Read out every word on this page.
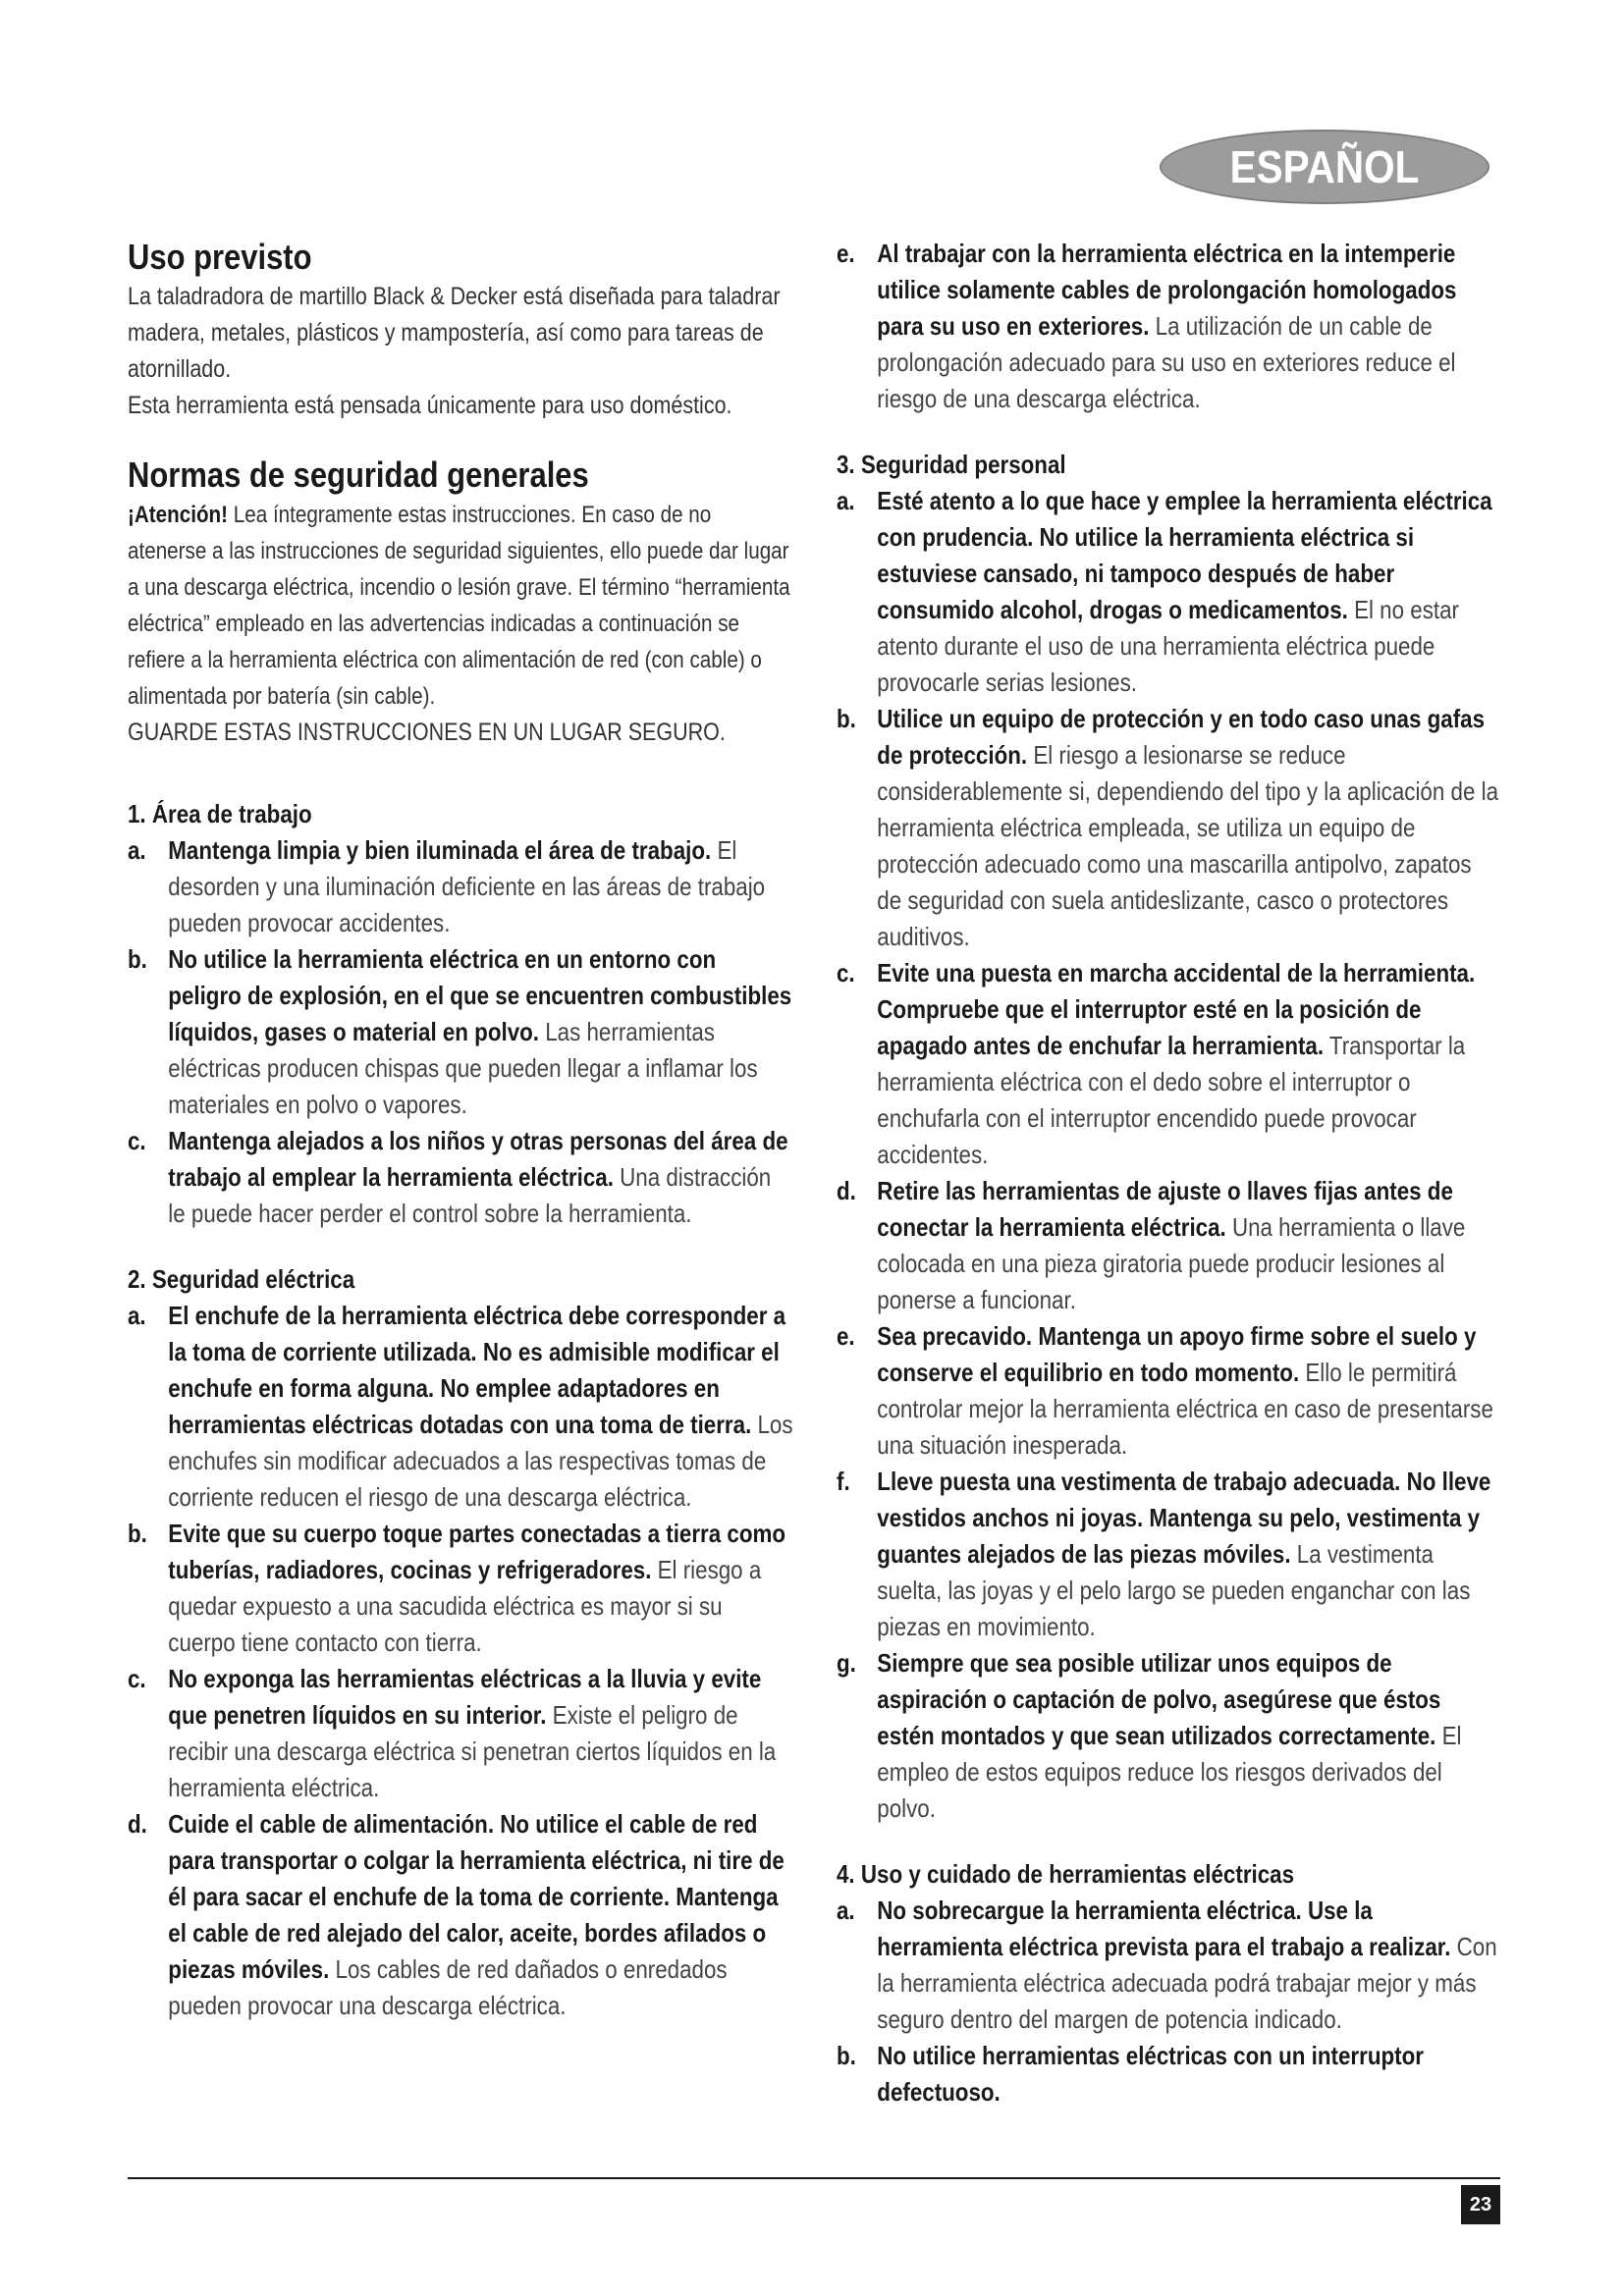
ESPAÑOL
Uso previsto

La taladradora de martillo Black & Decker está diseñada para taladrar madera, metales, plásticos y mampostería, así como para tareas de atornillado.

Esta herramienta está pensada únicamente para uso doméstico.

Normas de seguridad generales

¡Atención! Lea íntegramente estas instrucciones. En caso de no atenerse a las instrucciones de seguridad siguientes, ello puede dar lugar a una descarga eléctrica, incendio o lesión grave. El término “herramienta eléctrica” empleado en las advertencias indicadas a continuación se refiere a la herramienta eléctrica con alimentación de red (con cable) o alimentada por batería (sin cable).

GUARDE ESTAS INSTRUCCIONES EN UN LUGAR SEGURO.

1. Área de trabajo

a. Mantenga limpia y bien iluminada el área de trabajo. El desorden y una iluminación deficiente en las áreas de trabajo pueden provocar accidentes.
b. No utilice la herramienta eléctrica en un entorno con peligro de explosión, en el que se encuentren combustibles líquidos, gases o material en polvo. Las herramientas eléctricas producen chispas que pueden llegar a inflamar los materiales en polvo o vapores.
c. Mantenga alejados a los niños y otras personas del área de trabajo al emplear la herramienta eléctrica. Una distracción le puede hacer perder el control sobre la herramienta.

2. Seguridad eléctrica

a. El enchufe de la herramienta eléctrica debe corresponder a la toma de corriente utilizada. No es admisible modificar el enchufe en forma alguna. No emplee adaptadores en herramientas eléctricas dotadas con una toma de tierra. Los enchufes sin modificar adecuados a las respectivas tomas de corriente reducen el riesgo de una descarga eléctrica.
b. Evite que su cuerpo toque partes conectadas a tierra como tuberías, radiadores, cocinas y refrigeradores. El riesgo a quedar expuesto a una sacudida eléctrica es mayor si su cuerpo tiene contacto con tierra.
c. No exponga las herramientas eléctricas a la lluvia y evite que penetren líquidos en su interior. Existe el peligro de recibir una descarga eléctrica si penetran ciertos líquidos en la herramienta eléctrica.
d. Cuide el cable de alimentación. No utilice el cable de red para transportar o colgar la herramienta eléctrica, ni tire de él para sacar el enchufe de la toma de corriente. Mantenga el cable de red alejado del calor, aceite, bordes afilados o piezas móviles. Los cables de red dañados o enredados pueden provocar una descarga eléctrica.
e. Al trabajar con la herramienta eléctrica en la intemperie utilice solamente cables de prolongación homologados para su uso en exteriores. La utilización de un cable de prolongación adecuado para su uso en exteriores reduce el riesgo de una descarga eléctrica.

3. Seguridad personal

a. Esté atento a lo que hace y emplee la herramienta eléctrica con prudencia. No utilice la herramienta eléctrica si estuviese cansado, ni tampoco después de haber consumido alcohol, drogas o medicamentos. El no estar atento durante el uso de una herramienta eléctrica puede provocarle serias lesiones.
b. Utilice un equipo de protección y en todo caso unas gafas de protección. El riesgo a lesionarse se reduce considerablemente si, dependiendo del tipo y la aplicación de la herramienta eléctrica empleada, se utiliza un equipo de protección adecuado como una mascarilla antipolvo, zapatos de seguridad con suela antideslizante, casco o protectores auditivos.
c. Evite una puesta en marcha accidental de la herramienta. Compruebe que el interruptor esté en la posición de apagado antes de enchufar la herramienta. Transportar la herramienta eléctrica con el dedo sobre el interruptor o enchufarla con el interruptor encendido puede provocar accidentes.
d. Retire las herramientas de ajuste o llaves fijas antes de conectar la herramienta eléctrica. Una herramienta o llave colocada en una pieza giratoria puede producir lesiones al ponerse a funcionar.
e. Sea precavido. Mantenga un apoyo firme sobre el suelo y conserve el equilibrio en todo momento. Ello le permitirá controlar mejor la herramienta eléctrica en caso de presentarse una situación inesperada.
f. Lleve puesta una vestimenta de trabajo adecuada. No lleve vestidos anchos ni joyas. Mantenga su pelo, vestimenta y guantes alejados de las piezas móviles. La vestimenta suelta, las joyas y el pelo largo se pueden enganchar con las piezas en movimiento.
g. Siempre que sea posible utilizar unos equipos de aspiración o captación de polvo, asegúrese que éstos estén montados y que sean utilizados correctamente. El empleo de estos equipos reduce los riesgos derivados del polvo.

4. Uso y cuidado de herramientas eléctricas

a. No sobrecargue la herramienta eléctrica. Use la herramienta eléctrica prevista para el trabajo a realizar. Con la herramienta eléctrica adecuada podrá trabajar mejor y más seguro dentro del margen de potencia indicado.
b. No utilice herramientas eléctricas con un interruptor defectuoso.
23
